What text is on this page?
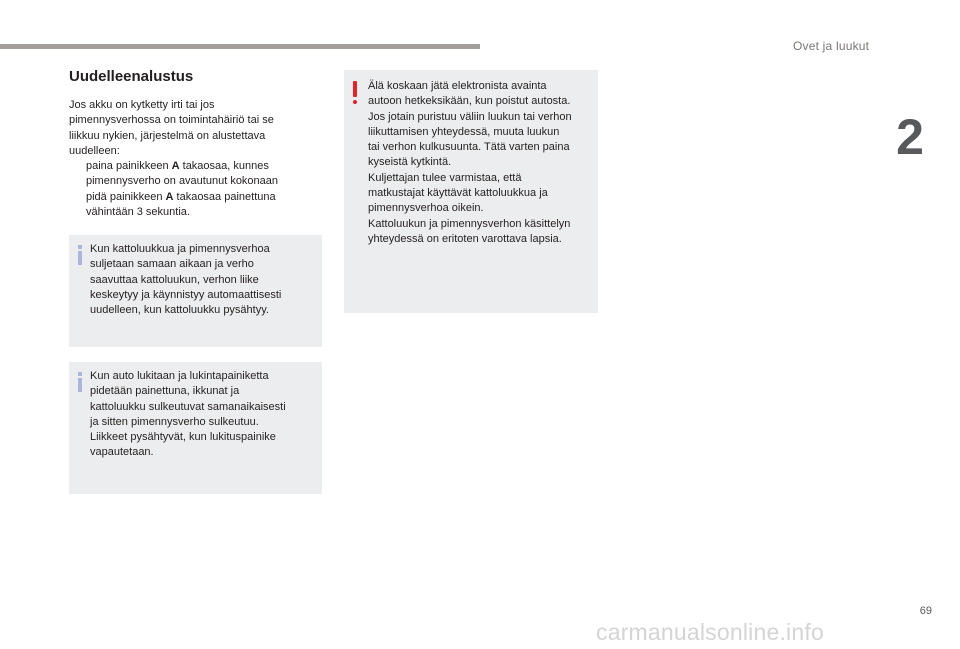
Ovet ja luukut
2
Uudelleenalustus
Jos akku on kytketty irti tai jos
pimennysverhossa on toimintahäiriö tai se
liikkuu nykien, järjestelmä on alustettava
uudelleen:
paina painikkeen A takaosaa, kunnes
pimennysverho on avautunut kokonaan
pidä painikkeen A takaosaa painettuna
vähintään 3 sekuntia.
Kun kattoluukkua ja pimennysverhoa
suljetaan samaan aikaan ja verho
saavuttaa kattoluukun, verhon liike
keskeytyy ja käynnistyy automaattisesti
uudelleen, kun kattoluukku pysähtyy.
Kun auto lukitaan ja lukintapainiketta
pidetään painettuna, ikkunat ja
kattoluukku sulkeutuvat samanaikaisesti
ja sitten pimennysverho sulkeutuu.
Liikkeet pysähtyvät, kun lukituspainike
vapautetaan.
Älä koskaan jätä elektronista avainta
autoon hetkeksikään, kun poistut autosta.
Jos jotain puristuu väliin luukun tai verhon
liikuttamisen yhteydessä, muuta luukun
tai verhon kulkusuunta. Tätä varten paina
kyseistä kytkintä.
Kuljettajan tulee varmistaa, että
matkustajat käyttävät kattoluukkua ja
pimennysverhoa oikein.
Kattoluukun ja pimennysverhon käsittelyn
yhteydessä on eritoten varottava lapsia.
69
carmanualsonline.info
